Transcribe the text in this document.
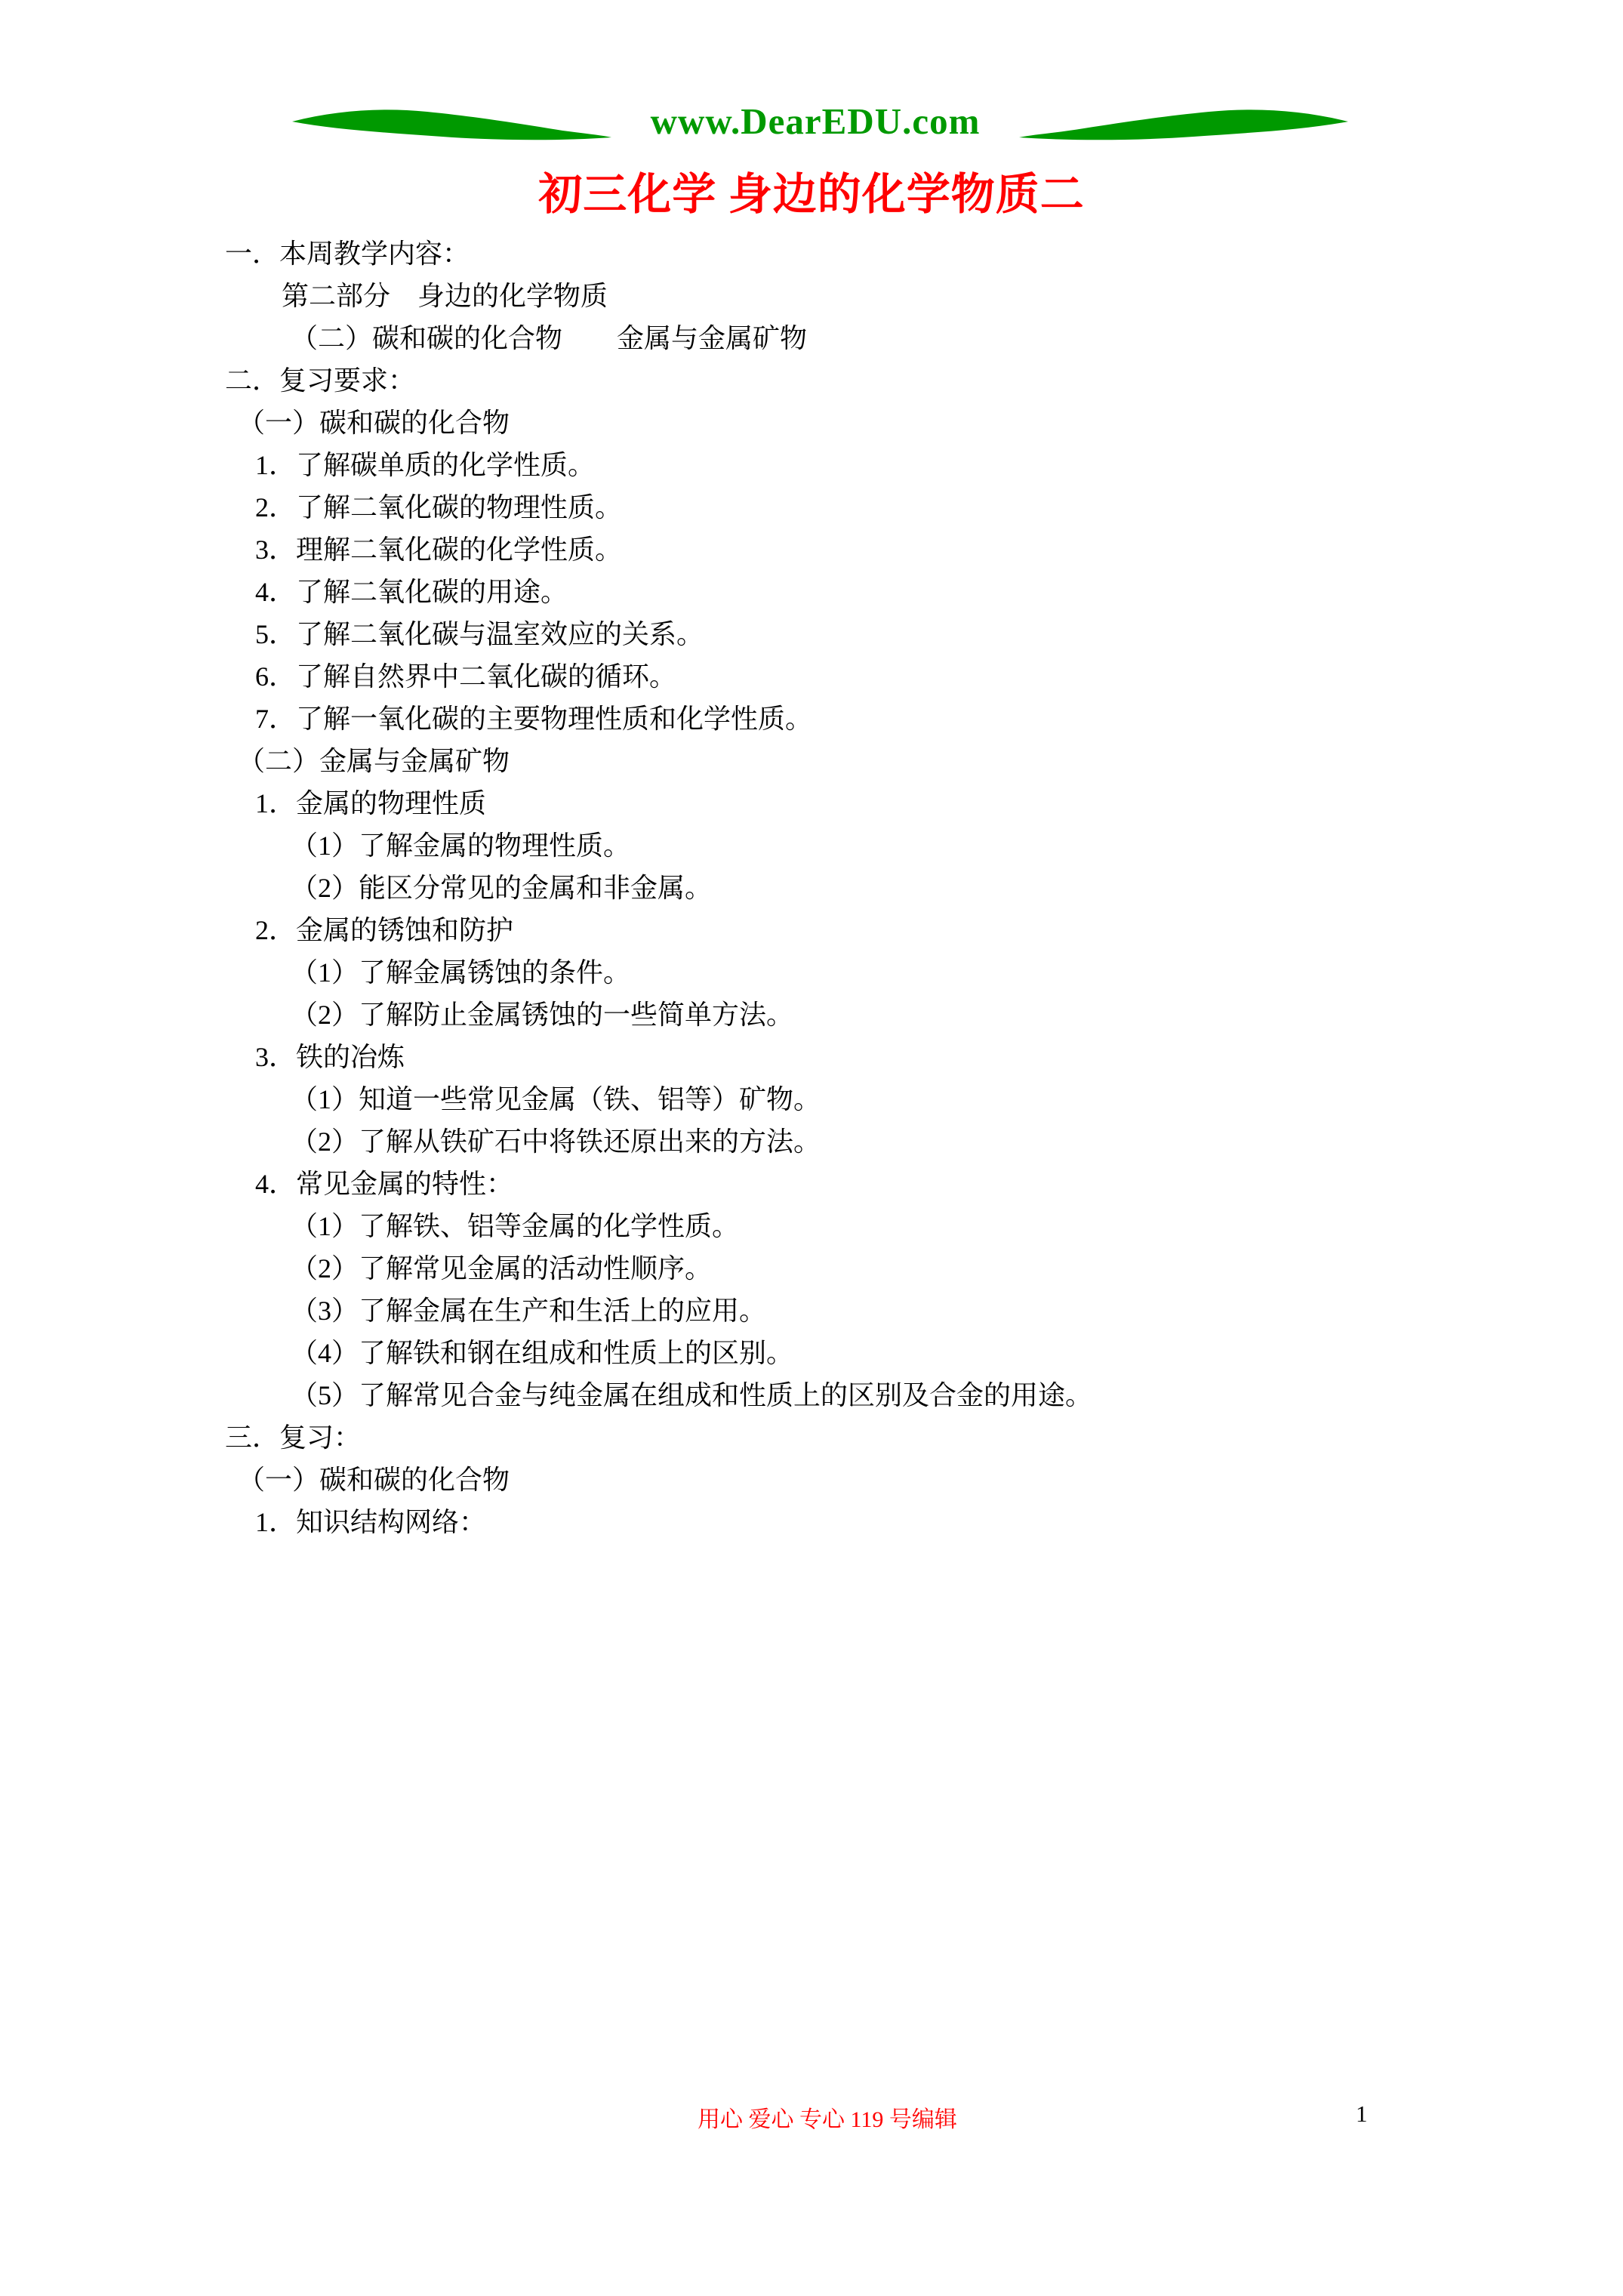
www.DearEDU.com
初三化学 身边的化学物质二
一．本周教学内容：
第二部分　身边的化学物质
（二）碳和碳的化合物　　金属与金属矿物
二．复习要求：
（一）碳和碳的化合物
1．了解碳单质的化学性质。
2．了解二氧化碳的物理性质。
3．理解二氧化碳的化学性质。
4．了解二氧化碳的用途。
5．了解二氧化碳与温室效应的关系。
6．了解自然界中二氧化碳的循环。
7．了解一氧化碳的主要物理性质和化学性质。
（二）金属与金属矿物
1．金属的物理性质
（1）了解金属的物理性质。
（2）能区分常见的金属和非金属。
2．金属的锈蚀和防护
（1）了解金属锈蚀的条件。
（2）了解防止金属锈蚀的一些简单方法。
3．铁的冶炼
（1）知道一些常见金属（铁、铝等）矿物。
（2）了解从铁矿石中将铁还原出来的方法。
4．常见金属的特性：
（1）了解铁、铝等金属的化学性质。
（2）了解常见金属的活动性顺序。
（3）了解金属在生产和生活上的应用。
（4）了解铁和钢在组成和性质上的区别。
（5）了解常见合金与纯金属在组成和性质上的区别及合金的用途。
三．复习：
（一）碳和碳的化合物
1．知识结构网络：
用心 爱心 专心 119 号编辑	1
